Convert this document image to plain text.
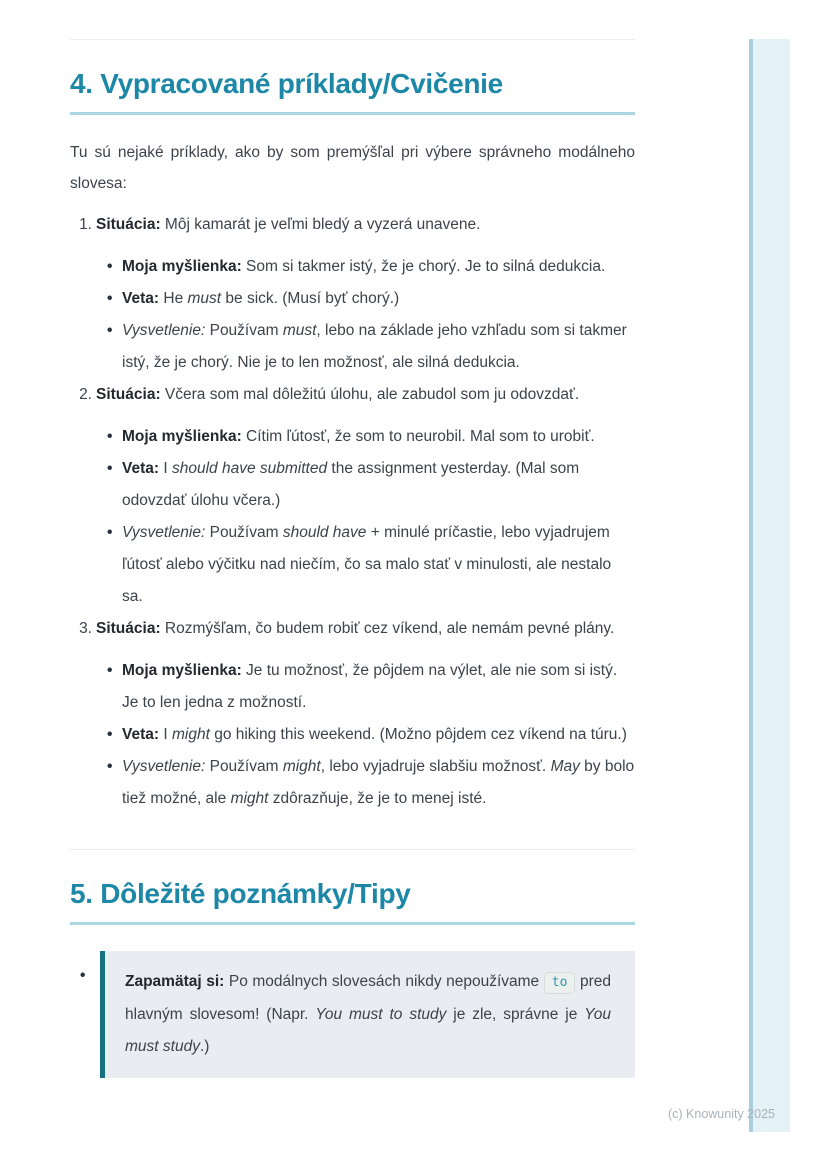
4. Vypracované príklady/Cvičenie

Tu sú nejaké príklady, ako by som premýšľal pri výbere správneho modálneho slovesa:

1. Situácia: Môj kamarát je veľmi bledý a vyzerá unavene.

• Moja myšlienka: Som si takmer istý, že je chorý. Je to silná dedukcia.
• Veta: He must be sick. (Musí byť chorý.)
• Vysvetlenie: Používam must, lebo na základe jeho vzhľadu som si takmer istý, že je chorý. Nie je to len možnosť, ale silná dedukcia.
2. Situácia: Včera som mal dôležitú úlohu, ale zabudol som ju odovzdať.

• Moja myšlienka: Cítim ľútosť, že som to neurobil. Mal som to urobiť.
• Veta: I should have submitted the assignment yesterday. (Mal som odovzdať úlohu včera.)
• Vysvetlenie: Používam should have + minulé príčastie, lebo vyjadrujem ľútosť alebo výčitku nad niečím, čo sa malo stať v minulosti, ale nestalo sa.
3. Situácia: Rozmýšľam, čo budem robiť cez víkend, ale nemám pevné plány.

• Moja myšlienka: Je tu možnosť, že pôjdem na výlet, ale nie som si istý. Je to len jedna z možností.
• Veta: I might go hiking this weekend. (Možno pôjdem cez víkend na túru.)
• Vysvetlenie: Používam might, lebo vyjadruje slabšiu možnosť. May by bolo tiež možné, ale might zdôrazňuje, že je to menej isté.
5. Dôležité poznámky/Tipy

• Zapamätaj si: Po modálnych slovesách nikdy nepoužívame to pred hlavným slovesom! (Napr. You must to study je zle, správne je You must study.)

(c) Knowunity 2025
